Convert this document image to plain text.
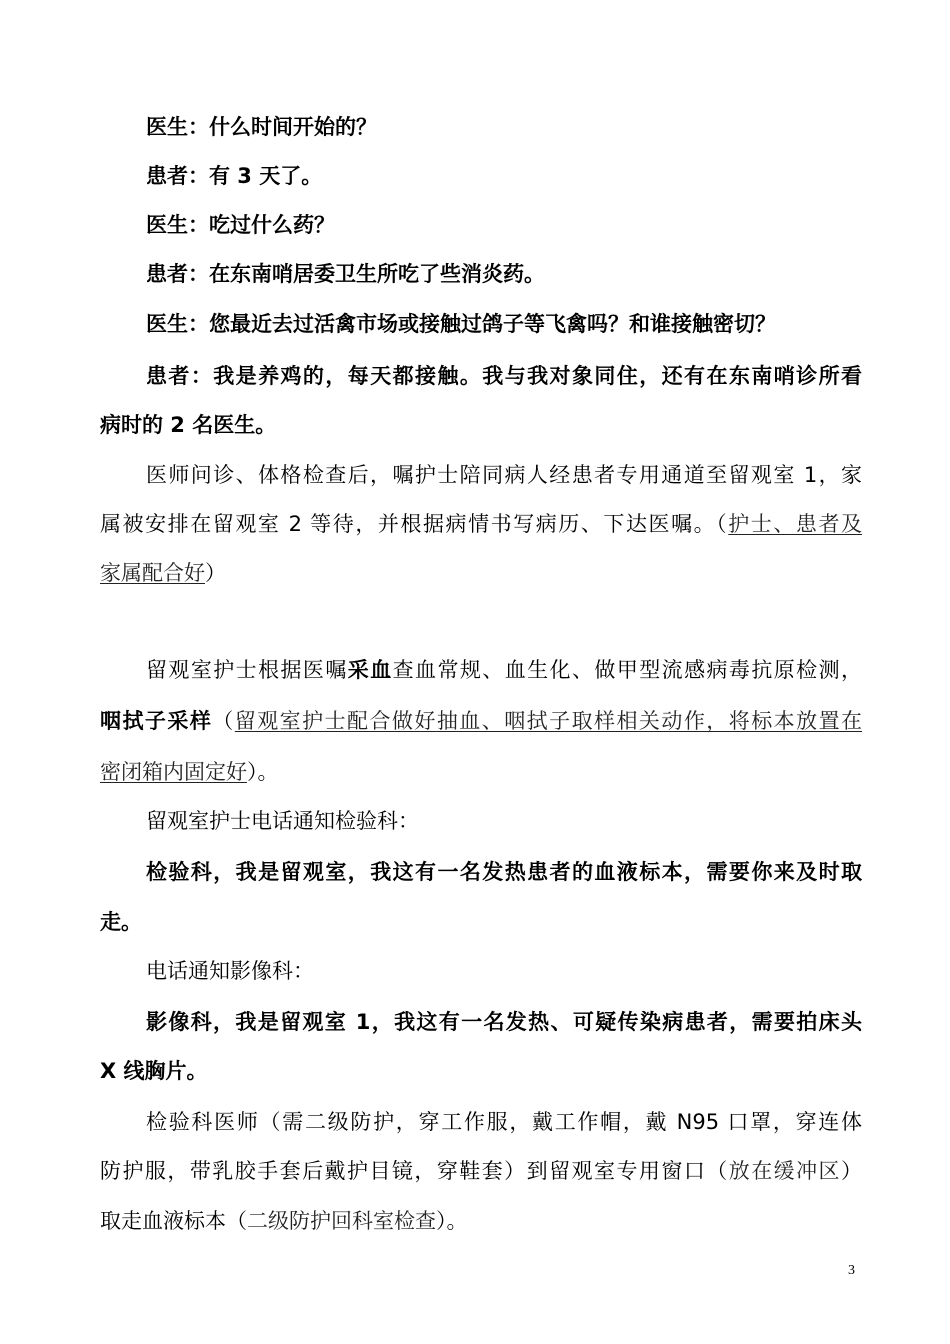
医生：什么时间开始的？
患者：有 3 天了。
医生：吃过什么药？
患者：在东南哨居委卫生所吃了些消炎药。
医生：您最近去过活禽市场或接触过鸽子等飞禽吗？和谁接触密切？
患者：我是养鸡的，每天都接触。我与我对象同住，还有在东南哨诊所看
病时的 2 名医生。
医师问诊、体格检查后，嘱护士陪同病人经患者专用通道至留观室 1，家
属被安排在留观室 2 等待，并根据病情书写病历、下达医嘱。（护士、患者及
家属配合好）
留观室护士根据医嘱采血查血常规、血生化、做甲型流感病毒抗原检测，
咽拭子采样（留观室护士配合做好抽血、咽拭子取样相关动作，将标本放置在
密闭箱内固定好）。
留观室护士电话通知检验科：
检验科，我是留观室，我这有一名发热患者的血液标本，需要你来及时取
走。
电话通知影像科：
影像科，我是留观室 1，我这有一名发热、可疑传染病患者，需要拍床头
X 线胸片。
检验科医师（需二级防护，穿工作服，戴工作帽，戴 N95 口罩，穿连体
防护服，带乳胶手套后戴护目镜，穿鞋套）到留观室专用窗口（放在缓冲区）
取走血液标本（二级防护回科室检查）。
3
